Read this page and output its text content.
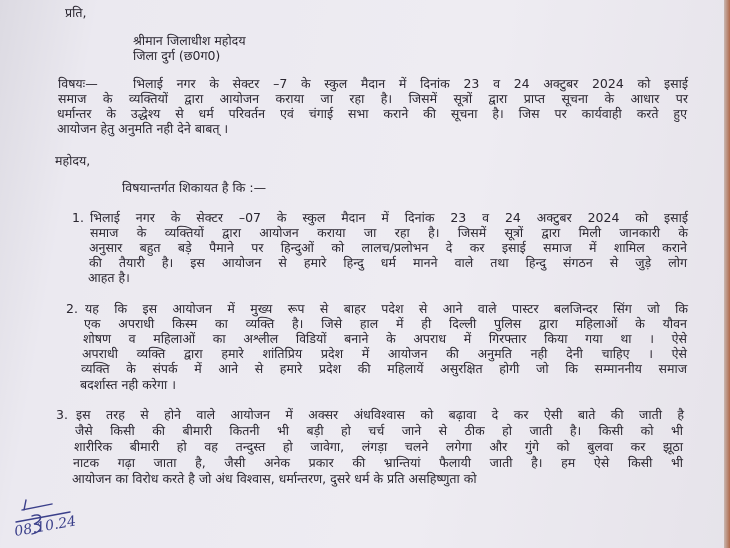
प्रति,
श्रीमान जिलाधीश महोदय
जिला दुर्ग (छ0ग0)
विषयः—	भिलाई नगर के सेक्टर –7 के स्कुल मैदान में दिनांक 23 व 24 अक्टुबर 2024 को इसाई
समाज के व्यक्तियों द्वारा आयोजन कराया जा रहा है। जिसमें सूत्रों द्वारा प्राप्त सूचना के आधार पर
धर्मान्तर के उद्धेश्य से धर्म परिवर्तन एवं चंगाई सभा कराने की सूचना है। जिस पर कार्यवाही करते हुए
आयोजन हेतु अनुमति नही देने बाबत् ।
महोदय,
विषयान्तर्गत शिकायत है कि :—
1. भिलाई नगर के सेक्टर –07 के स्कुल मैदान में दिनांक 23 व 24 अक्टुबर 2024 को इसाई
समाज के व्यक्तियों द्वारा आयोजन कराया जा रहा है। जिसमें सूत्रों द्वारा मिली जानकारी के
अनुसार बहुत बड़े पैमाने पर हिन्दुओं को लालच/प्रलोभन दे कर इसाई समाज में शामिल कराने
की तैयारी है। इस आयोजन से हमारे हिन्दु धर्म मानने वाले तथा हिन्दु संगठन से जुड़े लोग
आहत है।
2. यह कि इस आयोजन में मुख्य रूप से बाहर पदेश से आने वाले पास्टर बलजिन्दर सिंग जो कि
एक अपराधी किस्म का व्यक्ति है। जिसे हाल में ही दिल्ली पुलिस द्वारा महिलाओं के यौवन
शोषण व महिलाओं का अश्लील विडियों बनाने के अपराध में गिरफ्तार किया गया था । ऐसे
अपराधी व्यक्ति द्वारा हमारे शांतिप्रिय प्रदेश में आयोजन की अनुमति नही देनी चाहिए । ऐसे
व्यक्ति के संपर्क में आने से हमारे प्रदेश की महिलायें असुरक्षित होगी जो कि सम्माननीय समाज
बदर्शास्त नही करेगा ।
3. इस तरह से होने वाले आयोजन में अक्सर अंधविश्वास को बढ़ावा दे कर ऐसी बाते की जाती है
जैसे किसी की बीमारी कितनी भी बड़ी हो चर्च जाने से ठीक हो जाती है। किसी को भी
शारीरिक बीमारी हो वह तन्दुस्त हो जावेगा, लंगड़ा चलने लगेगा और गुंगे को बुलवा कर झूठा
नाटक गढ़ा जाता है, जैसी अनेक प्रकार की भ्रान्तियां फैलायी जाती है। हम ऐसे किसी भी
आयोजन का विरोध करते है जो अंध विश्वास, धर्मान्तरण, दुसरे धर्म के प्रति असहिष्णुता को
08.10.24
